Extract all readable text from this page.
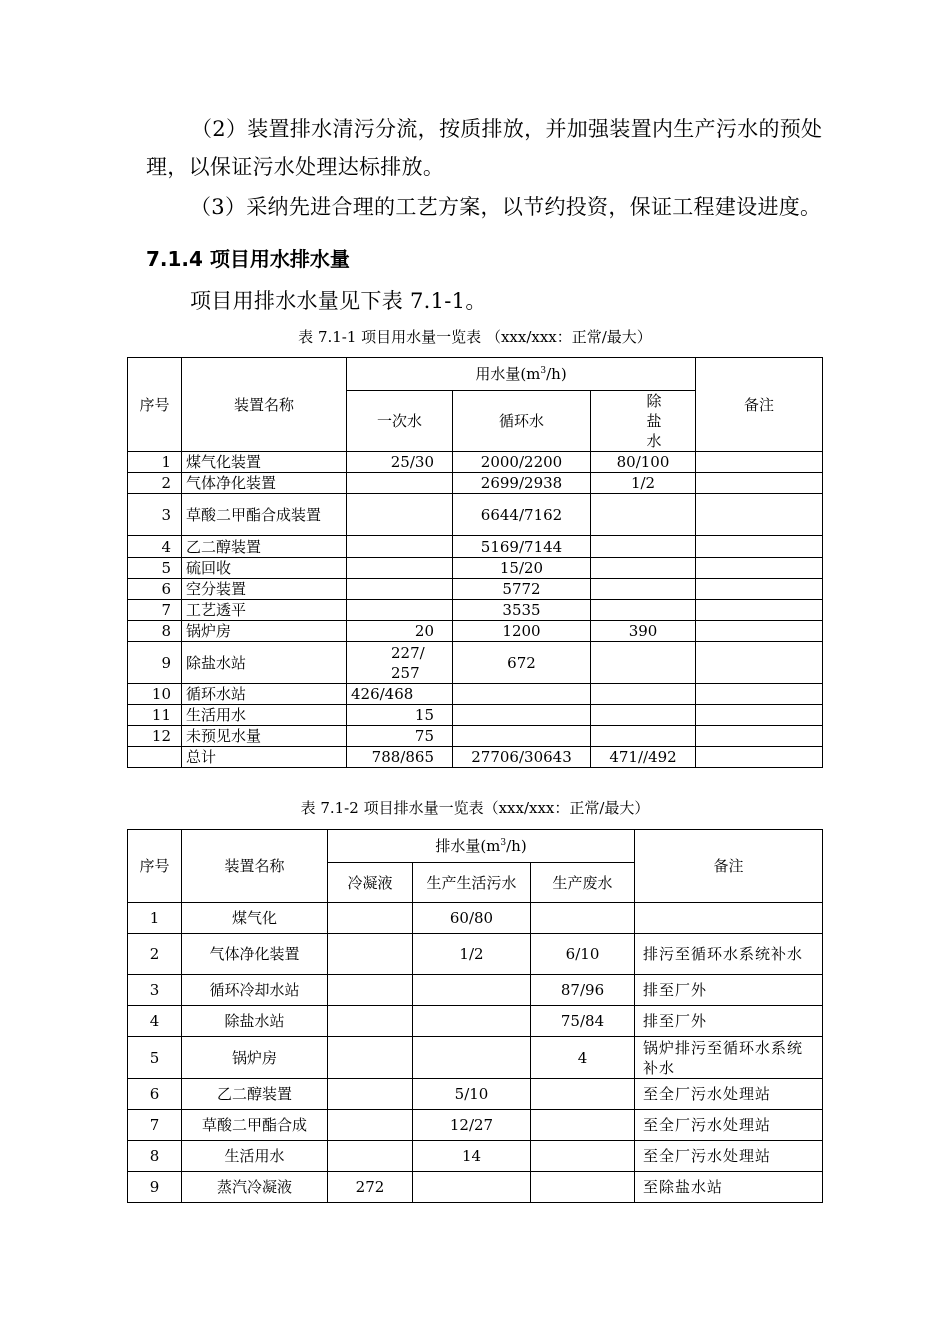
（2）装置排水清污分流，按质排放，并加强装置内生产污水的预处理，以保证污水处理达标排放。
（3）采纳先进合理的工艺方案，以节约投资，保证工程建设进度。
7.1.4 项目用水排水量
项目用排水水量见下表 7.1-1。
表 7.1-1 项目用水量一览表 （xxx/xxx：正常/最大）
序号	装置名称	用水量$(m^3/h)$			备注
		一次水	循环水	除盐水	
1	煤气化装置	25/30	2000/2200	80/100	
2	气体净化装置		2699/2938	1/2	
3	草酸二甲酯合成装置		6644/7162		
4	乙二醇装置		5169/7144		
5	硫回收		15/20		
6	空分装置		5772		
7	工艺透平		3535		
8	锅炉房	20	1200	390	
9	除盐水站	227/257	672		
10	循环水站	426/468			
11	生活用水	15			
12	未预见水量	75			
	总计	788/865	27706/30643	471//492	
表 7.1-2 项目排水量一览表（xxx/xxx：正常/最大）
序号	装置名称	排水量$(m^3/h)$			备注
		冷凝液	生产生活污水	生产废水	
1	煤气化		60/80		
2	气体净化装置		1/2	6/10	排污至循环水系统补水
3	循环冷却水站			87/96	排至厂外
4	除盐水站			75/84	排至厂外
5	锅炉房			4	锅炉排污至循环水系统补水
6	乙二醇装置		5/10		至全厂污水处理站
7	草酸二甲酯合成		12/27		至全厂污水处理站
8	生活用水		14		至全厂污水处理站
9	蒸汽冷凝液	272			至除盐水站
